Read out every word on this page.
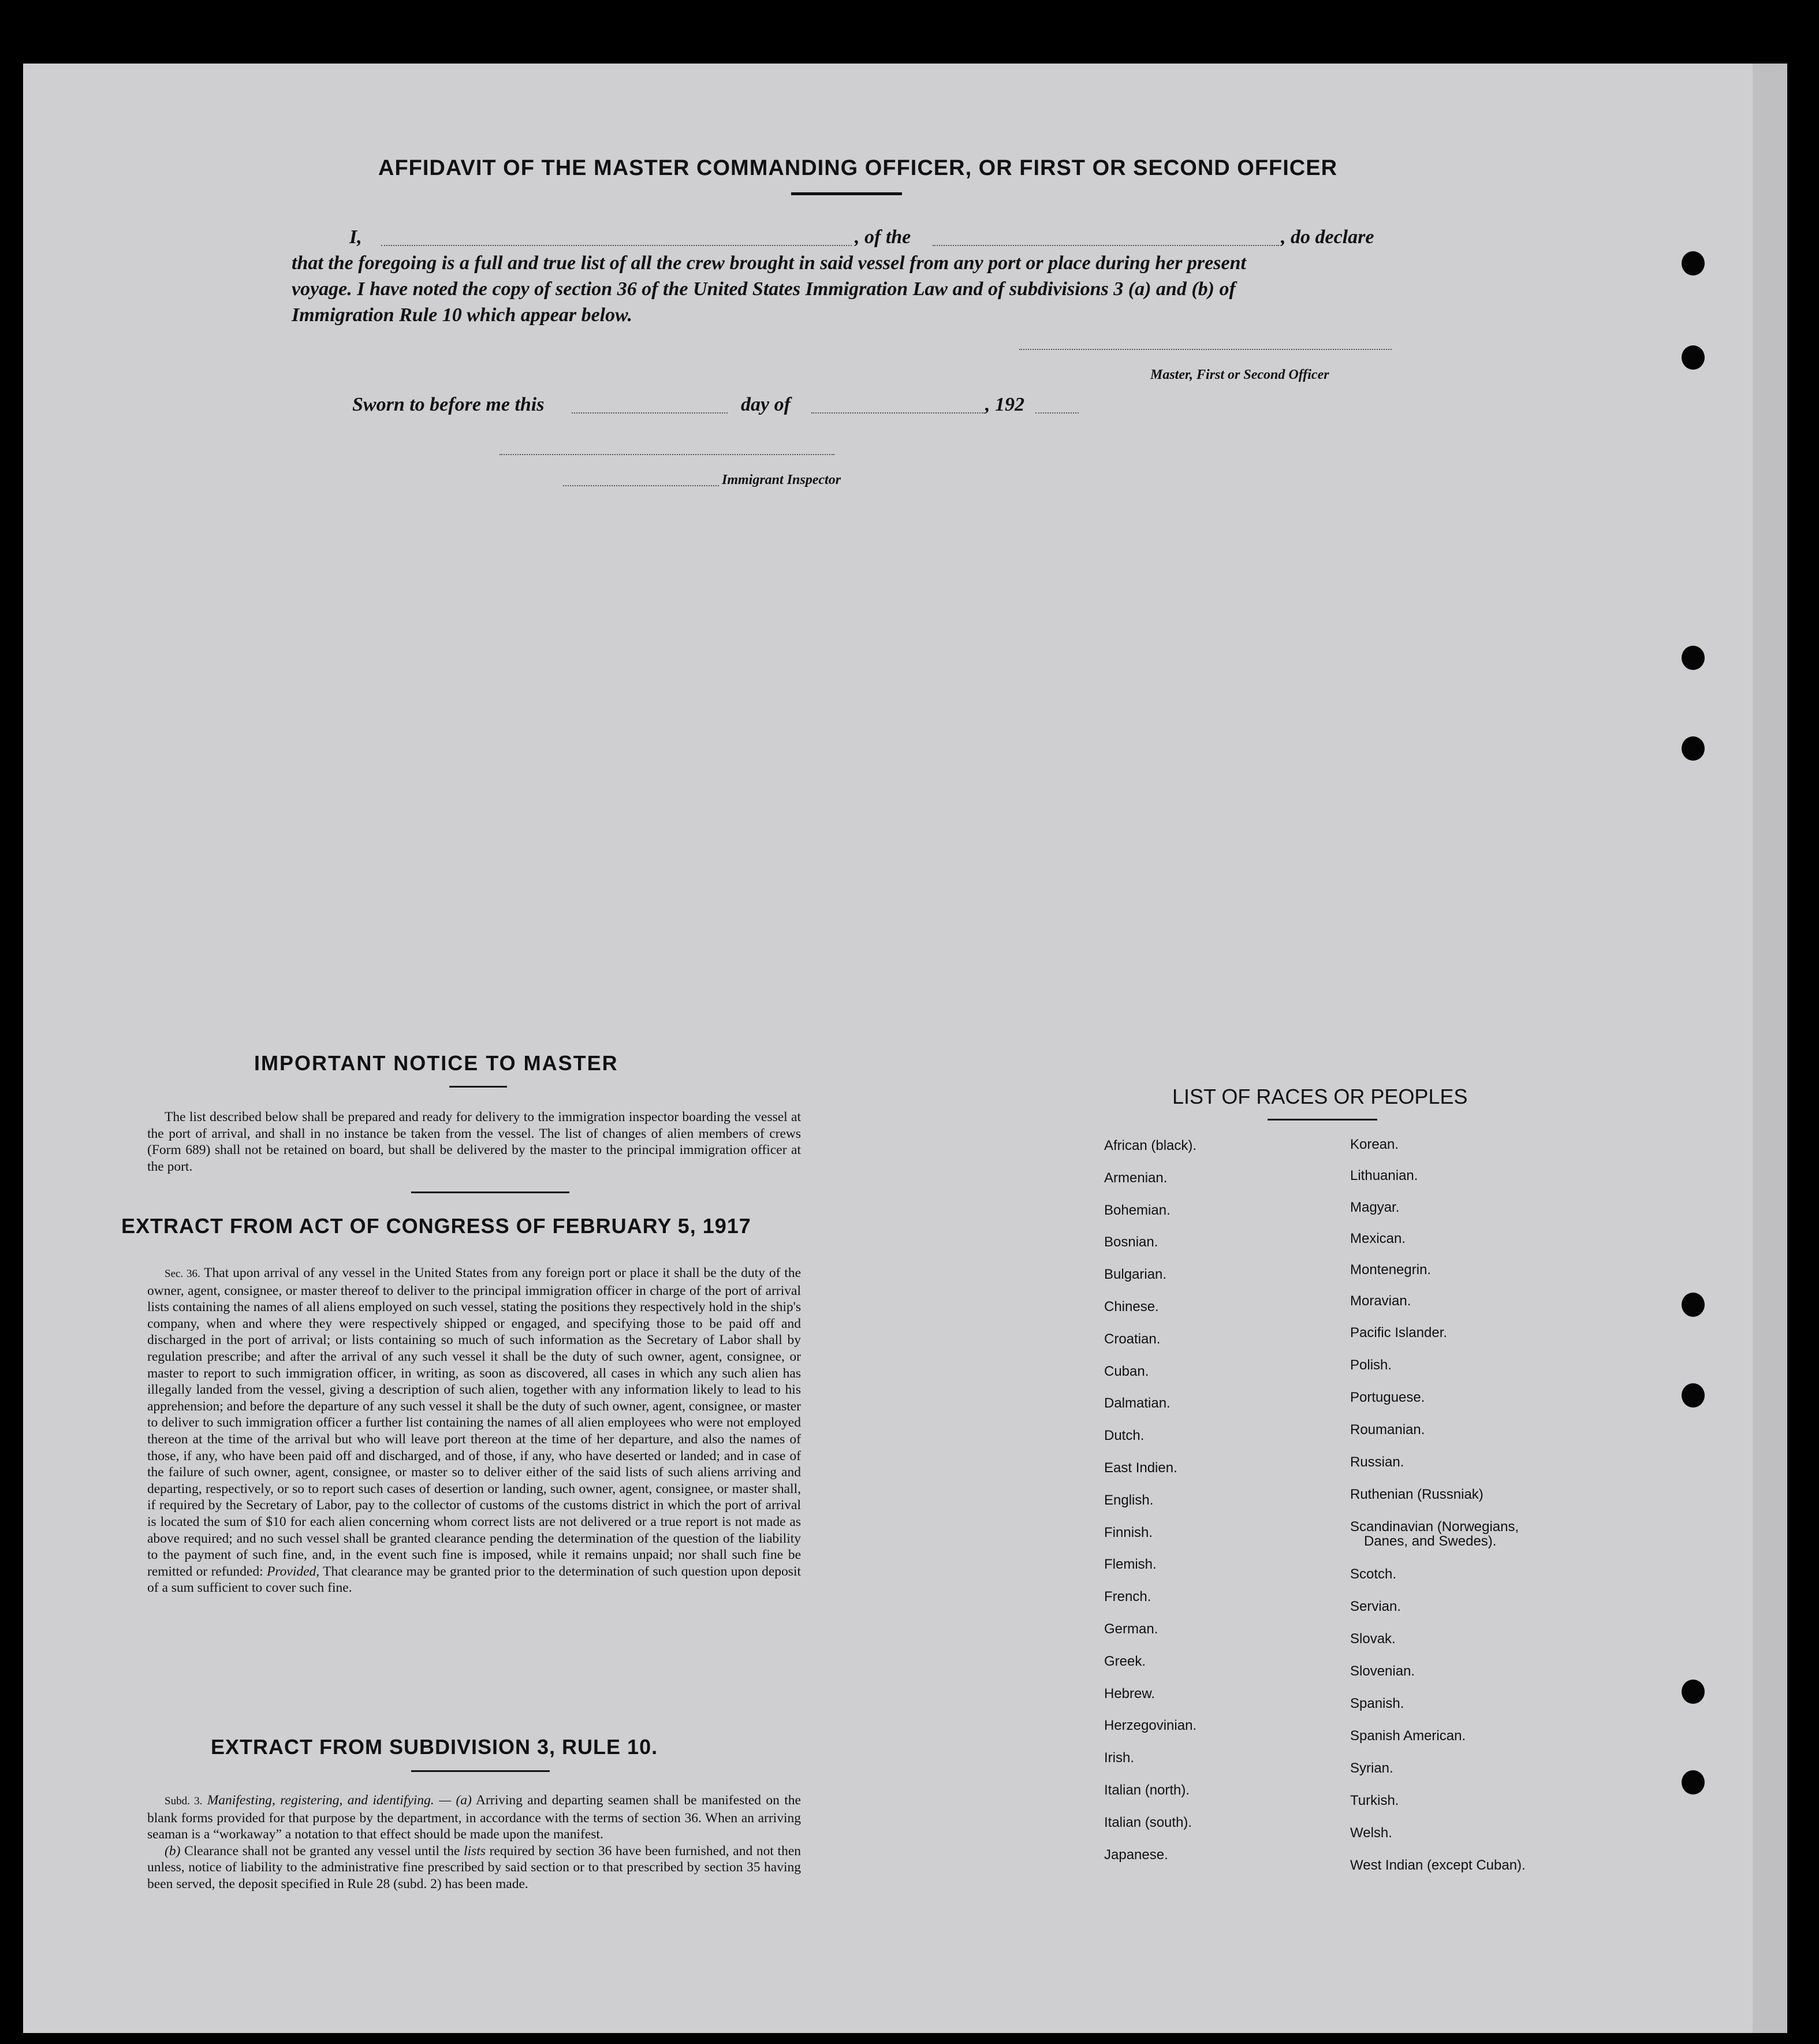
AFFIDAVIT OF THE MASTER COMMANDING OFFICER, OR FIRST OR SECOND OFFICER
I,	, of the	, do declare
that the foregoing is a full and true list of all the crew brought in said vessel from any port or place during her present
voyage. I have noted the copy of section 36 of the United States Immigration Law and of subdivisions 3 (a) and (b) of
Immigration Rule 10 which appear below.
Master, First or Second Officer
Sworn to before me this	day of	, 192
Immigrant Inspector
IMPORTANT NOTICE TO MASTER

The list described below shall be prepared and ready for delivery to the immigration inspector boarding the vessel at the port of arrival, and shall in no instance be taken from the vessel. The list of changes of alien members of crews (Form 689) shall not be retained on board, but shall be delivered by the master to the principal immigration officer at the port.

EXTRACT FROM ACT OF CONGRESS OF FEBRUARY 5, 1917

Sec. 36. That upon arrival of any vessel in the United States from any foreign port or place it shall be the duty of the owner, agent, consignee, or master thereof to deliver to the principal immigration officer in charge of the port of arrival lists containing the names of all aliens employed on such vessel, stating the positions they respectively hold in the ship's company, when and where they were respectively shipped or engaged, and specifying those to be paid off and discharged in the port of arrival; or lists containing so much of such information as the Secretary of Labor shall by regulation prescribe; and after the arrival of any such vessel it shall be the duty of such owner, agent, consignee, or master to report to such immigration officer, in writing, as soon as discovered, all cases in which any such alien has illegally landed from the vessel, giving a description of such alien, together with any information likely to lead to his apprehension; and before the departure of any such vessel it shall be the duty of such owner, agent, consignee, or master to deliver to such immigration officer a further list containing the names of all alien employees who were not employed thereon at the time of the arrival but who will leave port thereon at the time of her departure, and also the names of those, if any, who have been paid off and discharged, and of those, if any, who have deserted or landed; and in case of the failure of such owner, agent, consignee, or master so to deliver either of the said lists of such aliens arriving and departing, respectively, or so to report such cases of desertion or landing, such owner, agent, consignee, or master shall, if required by the Secretary of Labor, pay to the collector of customs of the customs district in which the port of arrival is located the sum of $10 for each alien concerning whom correct lists are not delivered or a true report is not made as above required; and no such vessel shall be granted clearance pending the determination of the question of the liability to the payment of such fine, and, in the event such fine is imposed, while it remains unpaid; nor shall such fine be remitted or refunded: Provided, That clearance may be granted prior to the determination of such question upon deposit of a sum sufficient to cover such fine.

EXTRACT FROM SUBDIVISION 3, RULE 10.

Subd. 3. Manifesting, registering, and identifying. — (a) Arriving and departing seamen shall be manifested on the blank forms provided for that purpose by the department, in accordance with the terms of section 36. When an arriving seaman is a “workaway” a notation to that effect should be made upon the manifest.

(b) Clearance shall not be granted any vessel until the lists required by section 36 have been furnished, and not then unless, notice of liability to the administrative fine prescribed by said section or to that prescribed by section 35 having been served, the deposit specified in Rule 28 (subd. 2) has been made.

LIST OF RACES OR PEOPLES
African (black).
Armenian.
Bohemian.
Bosnian.
Bulgarian.
Chinese.
Croatian.
Cuban.
Dalmatian.
Dutch.
East Indien.
English.
Finnish.
Flemish.
French.
German.
Greek.
Hebrew.
Herzegovinian.
Irish.
Italian (north).
Italian (south).
Japanese.
Korean.
Lithuanian.
Magyar.
Mexican.
Montenegrin.
Moravian.
Pacific Islander.
Polish.
Portuguese.
Roumanian.
Russian.
Ruthenian (Russniak)
Scandinavian (Norwegians,
Danes, and Swedes).
Scotch.
Servian.
Slovak.
Slovenian.
Spanish.
Spanish American.
Syrian.
Turkish.
Welsh.
West Indian (except Cuban).
